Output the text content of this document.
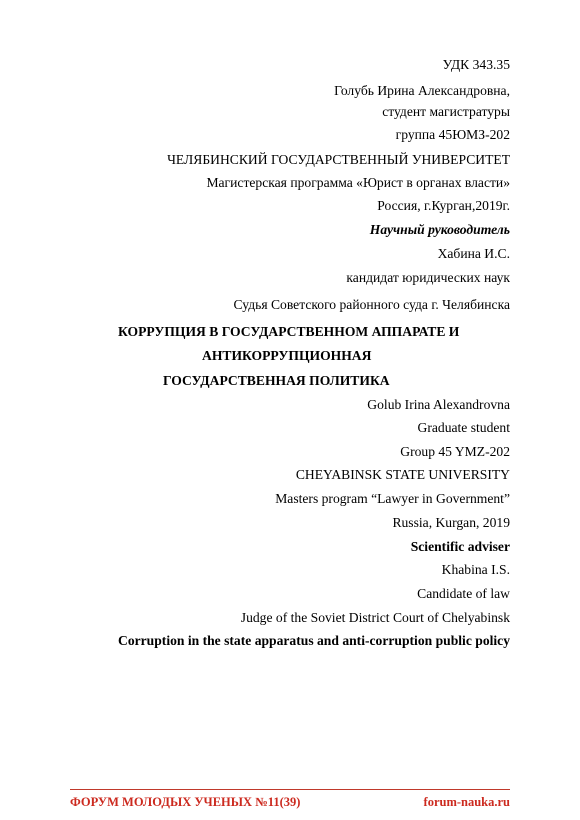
УДК 343.35
Голубь Ирина Александровна,
студент магистратуры
группа 45ЮМЗ-202
ЧЕЛЯБИНСКИЙ ГОСУДАРСТВЕННЫЙ УНИВЕРСИТЕТ
Магистерская программа «Юрист в органах власти»
Россия, г.Курган,2019г.
Научный руководитель
Хабина И.С.
кандидат юридических наук
Судья Советского районного суда г. Челябинска
КОРРУПЦИЯ В ГОСУДАРСТВЕННОМ АППАРАТЕ И
АНТИКОРРУПЦИОННАЯ
ГОСУДАРСТВЕННАЯ ПОЛИТИКА
Golub Irina Alexandrovna
Graduate student
Group 45 YMZ-202
CHEYABINSK STATE UNIVERSITY
Masters program “Lawyer in Government”
Russia, Kurgan, 2019
Scientific adviser
Khabina I.S.
Candidate of law
Judge of the Soviet District Court of Chelyabinsk
Corruption in the state apparatus and anti-corruption public policy
ФОРУМ МОЛОДЫХ УЧЕНЫХ №11(39)	forum-nauka.ru
